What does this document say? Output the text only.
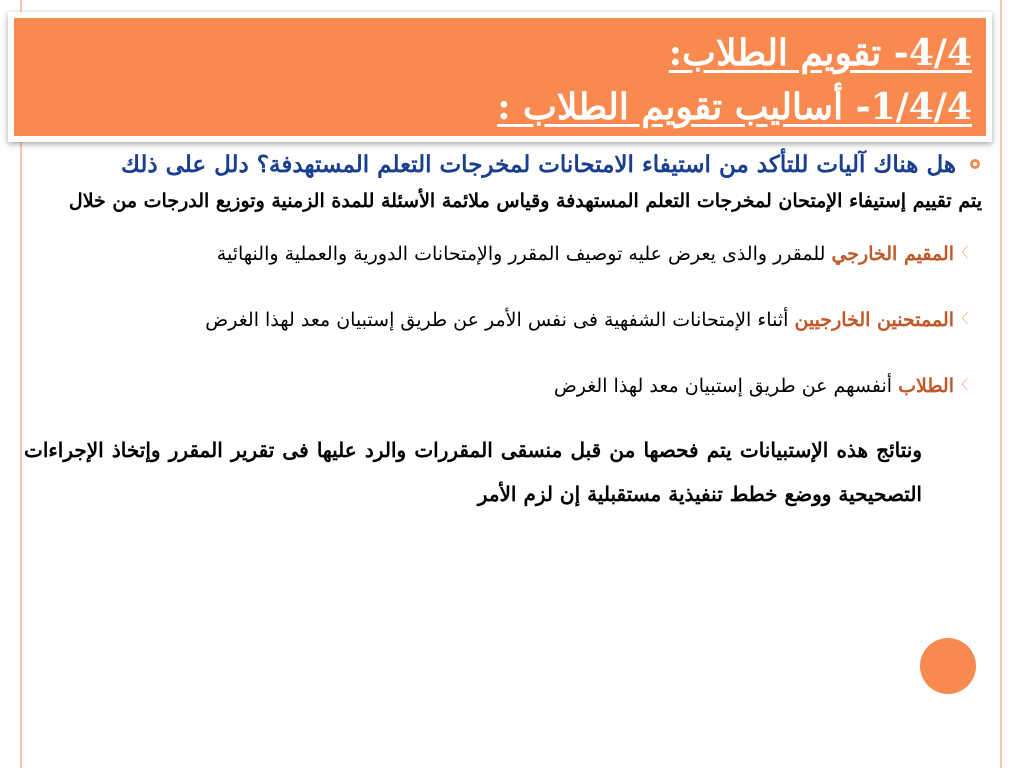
4/4- تقويم الطلاب:
1/4/4- أساليب تقويم الطلاب :
هل هناك آليات للتأكد من استيفاء الامتحانات لمخرجات التعلم المستهدفة؟ دلل على ذلك
يتم تقييم إستيفاء الإمتحان لمخرجات التعلم المستهدفة وقياس ملائمة الأسئلة للمدة الزمنية وتوزيع الدرجات من خلال
〉
المقيم الخارجي للمقرر والذى يعرض عليه توصيف المقرر والإمتحانات الدورية والعملية والنهائية
〉
الممتحنين الخارجيين أثناء الإمتحانات الشفهية فى نفس الأمر عن طريق إستبيان معد لهذا الغرض
〉
الطلاب أنفسهم عن طريق إستبيان معد لهذا الغرض
ونتائج هذه الإستبيانات يتم فحصها من قبل منسقى المقررات والرد عليها فى تقرير المقرر وإتخاذ الإجراءات التصحيحية ووضع خطط تنفيذية مستقبلية إن لزم الأمر
